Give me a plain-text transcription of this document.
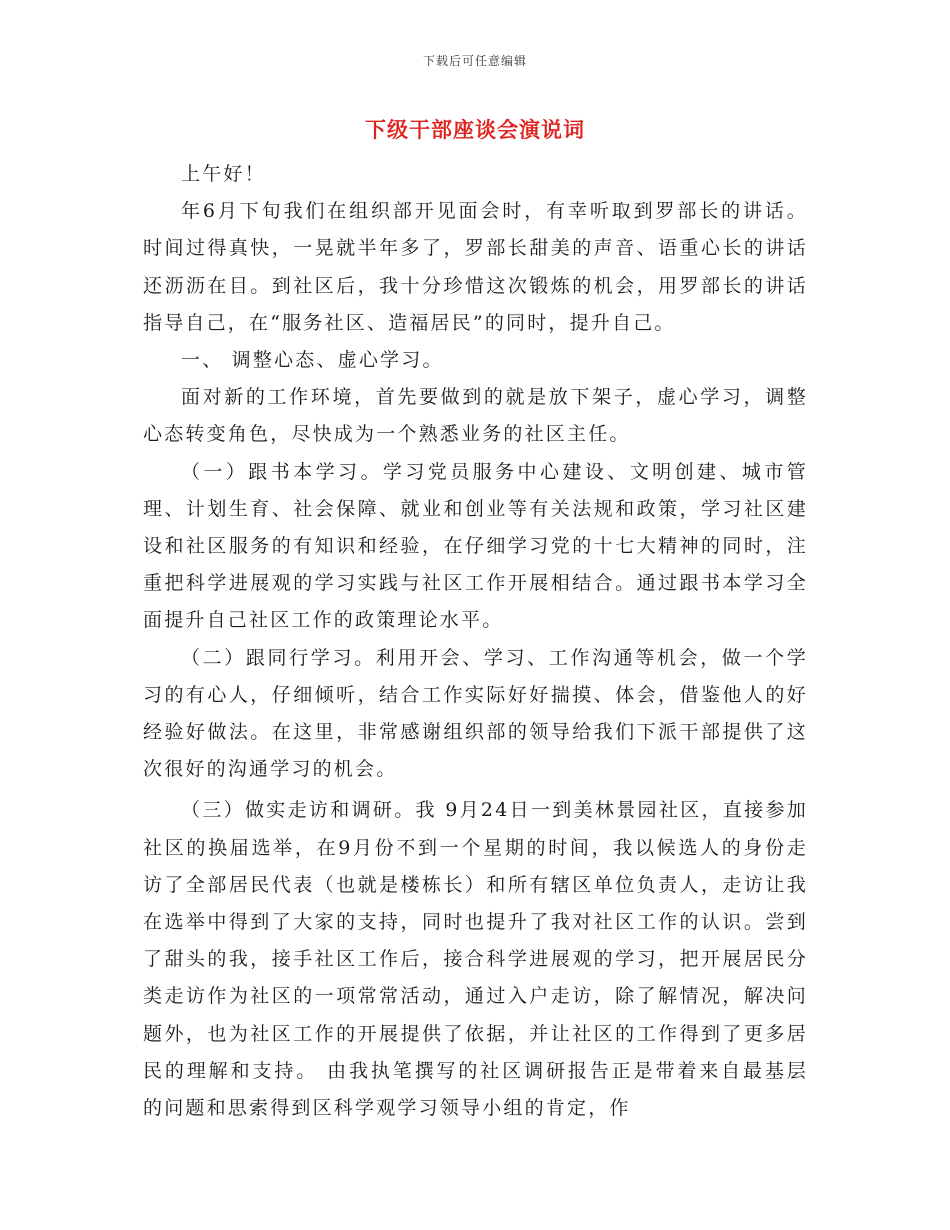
下载后可任意编辑
下级干部座谈会演说词

上午好！

年6月下旬我们在组织部开见面会时，有幸听取到罗部长的讲话。时间过得真快，一晃就半年多了，罗部长甜美的声音、语重心长的讲话还沥沥在目。到社区后，我十分珍惜这次锻炼的机会，用罗部长的讲话指导自己，在“服务社区、造福居民”的同时，提升自己。

一、 调整心态、虚心学习。

面对新的工作环境，首先要做到的就是放下架子，虚心学习，调整心态转变角色，尽快成为一个熟悉业务的社区主任。

（一）跟书本学习。学习党员服务中心建设、文明创建、城市管理、计划生育、社会保障、就业和创业等有关法规和政策，学习社区建设和社区服务的有知识和经验，在仔细学习党的十七大精神的同时，注重把科学进展观的学习实践与社区工作开展相结合。通过跟书本学习全面提升自己社区工作的政策理论水平。

（二）跟同行学习。利用开会、学习、工作沟通等机会，做一个学习的有心人，仔细倾听，结合工作实际好好揣摸、体会，借鉴他人的好经验好做法。在这里，非常感谢组织部的领导给我们下派干部提供了这次很好的沟通学习的机会。

（三）做实走访和调研。我 9月24日一到美林景园社区，直接参加社区的换届选举，在9月份不到一个星期的时间，我以候选人的身份走访了全部居民代表（也就是楼栋长）和所有辖区单位负责人，走访让我在选举中得到了大家的支持，同时也提升了我对社区工作的认识。尝到了甜头的我，接手社区工作后，接合科学进展观的学习，把开展居民分类走访作为社区的一项常常活动，通过入户走访，除了解情况，解决问题外，也为社区工作的开展提供了依据，并让社区的工作得到了更多居民的理解和支持。 由我执笔撰写的社区调研报告正是带着来自最基层的问题和思索得到区科学观学习领导小组的肯定，作
